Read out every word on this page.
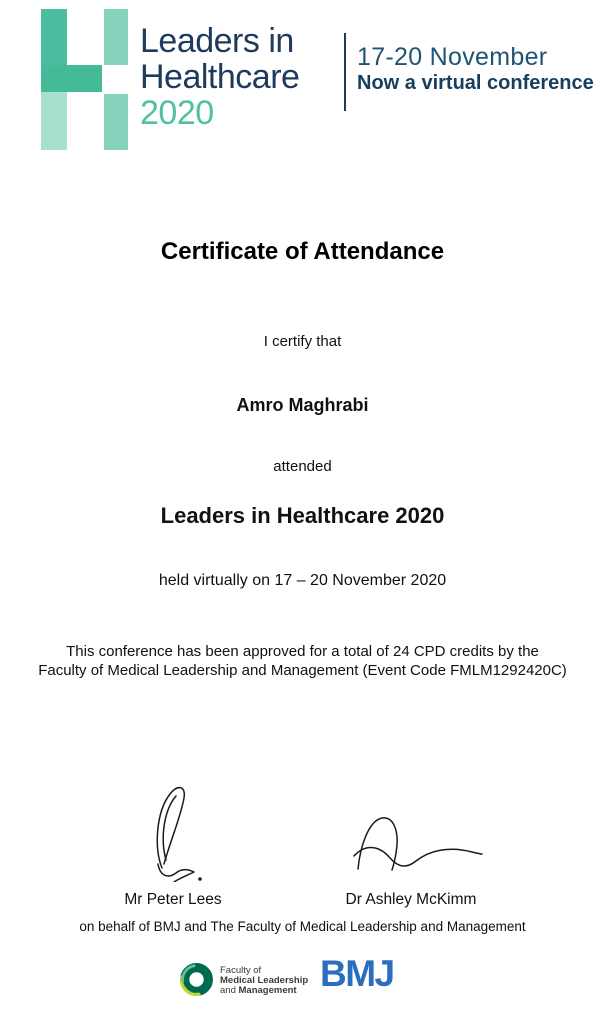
Leaders in
Healthcare
2020
17-20 November
Now a virtual conference
Certificate of Attendance
I certify that
Amro Maghrabi
attended
Leaders in Healthcare 2020
held virtually on 17 – 20 November 2020
This conference has been approved for a total of 24 CPD credits by the
Faculty of Medical Leadership and Management (Event Code FMLM1292420C)
Mr Peter Lees	Dr Ashley McKimm
on behalf of BMJ and The Faculty of Medical Leadership and Management
Faculty of
Medical Leadership
and Management BMJ
